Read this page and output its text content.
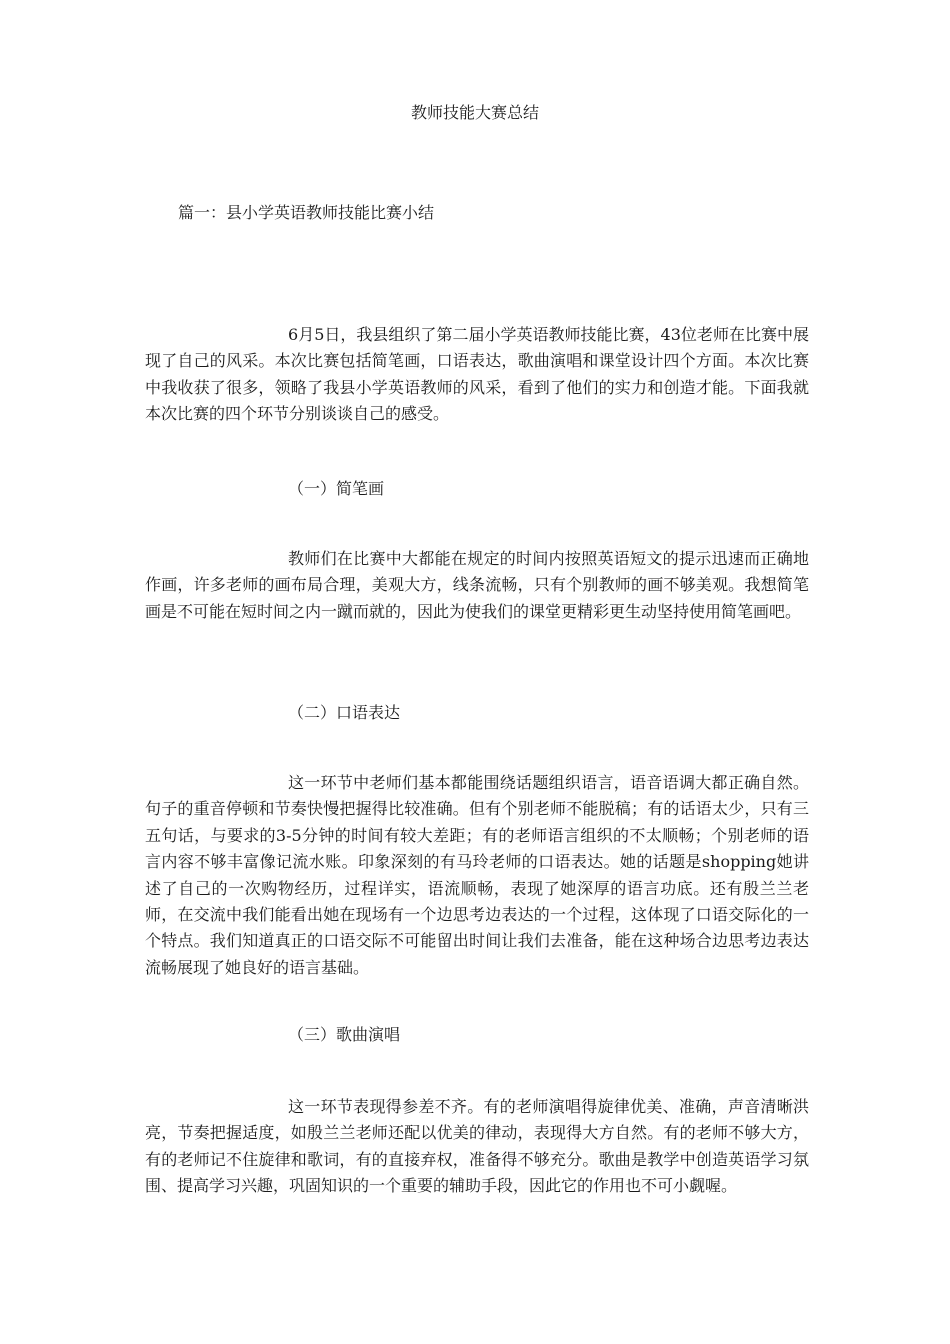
教师技能大赛总结
篇一：县小学英语教师技能比赛小结

6月5日，我县组织了第二届小学英语教师技能比赛，43位老师在比赛中展现了自己的风采。本次比赛包括简笔画，口语表达，歌曲演唱和课堂设计四个方面。本次比赛中我收获了很多，领略了我县小学英语教师的风采，看到了他们的实力和创造才能。下面我就本次比赛的四个环节分别谈谈自己的感受。

（一）简笔画

教师们在比赛中大都能在规定的时间内按照英语短文的提示迅速而正确地作画，许多老师的画布局合理，美观大方，线条流畅，只有个别教师的画不够美观。我想简笔画是不可能在短时间之内一蹴而就的，因此为使我们的课堂更精彩更生动坚持使用简笔画吧。

（二）口语表达

这一环节中老师们基本都能围绕话题组织语言，语音语调大都正确自然。句子的重音停顿和节奏快慢把握得比较准确。但有个别老师不能脱稿；有的话语太少，只有三五句话，与要求的3-5分钟的时间有较大差距；有的老师语言组织的不太顺畅；个别老师的语言内容不够丰富像记流水账。印象深刻的有马玲老师的口语表达。她的话题是shopping她讲述了自己的一次购物经历，过程详实，语流顺畅，表现了她深厚的语言功底。还有殷兰兰老师，在交流中我们能看出她在现场有一个边思考边表达的一个过程，这体现了口语交际化的一个特点。我们知道真正的口语交际不可能留出时间让我们去准备，能在这种场合边思考边表达流畅展现了她良好的语言基础。

（三）歌曲演唱

这一环节表现得参差不齐。有的老师演唱得旋律优美、准确，声音清晰洪亮，节奏把握适度，如殷兰兰老师还配以优美的律动，表现得大方自然。有的老师不够大方，有的老师记不住旋律和歌词，有的直接弃权，准备得不够充分。歌曲是教学中创造英语学习氛围、提高学习兴趣，巩固知识的一个重要的辅助手段，因此它的作用也不可小觑喔。
